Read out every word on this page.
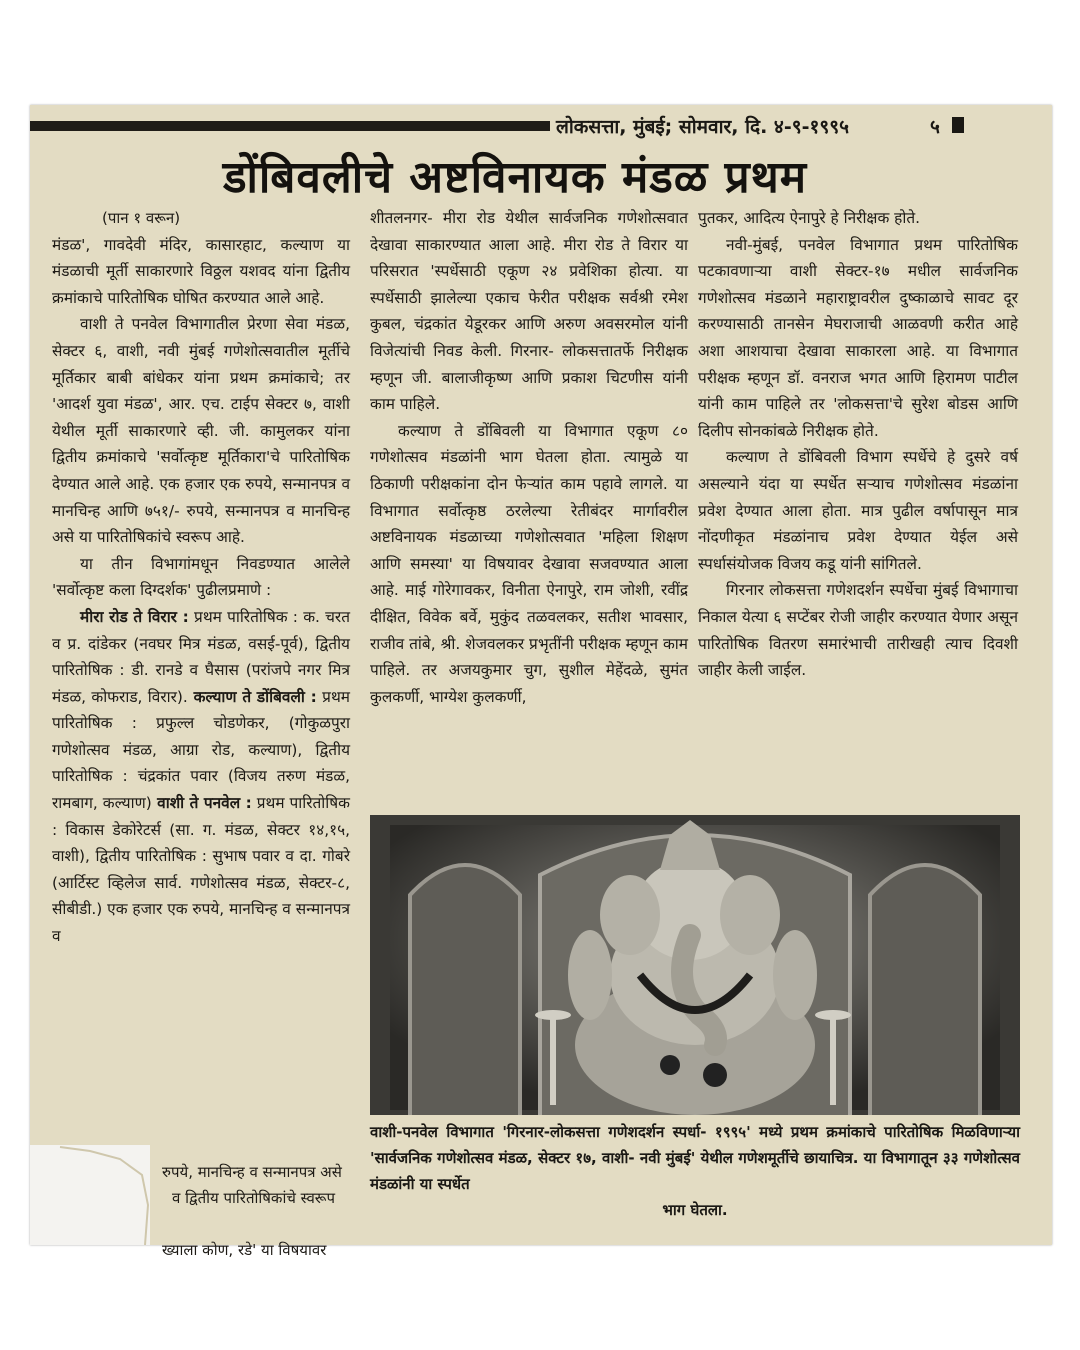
लोकसत्ता, मुंबई; सोमवार, दि. ४-९-१९९५	५
डोंबिवलीचे अष्टविनायक मंडळ प्रथम

(पान १ वरून)

मंडळ', गावदेवी मंदिर, कासारहाट, कल्याण या मंडळाची मूर्ती साकारणारे विठ्ठल यशवद यांना द्वितीय क्रमांकाचे पारितोषिक घोषित करण्यात आले आहे.

वाशी ते पनवेल विभागातील प्रेरणा सेवा मंडळ, सेक्टर ६, वाशी, नवी मुंबई गणेशोत्सवातील मूर्तीचे मूर्तिकार बाबी बांधेकर यांना प्रथम क्रमांकाचे; तर 'आदर्श युवा मंडळ', आर. एच. टाईप सेक्टर ७, वाशी येथील मूर्ती साकारणारे व्ही. जी. कामुलकर यांना द्वितीय क्रमांकाचे 'सर्वोत्कृष्ट मूर्तिकारा'चे पारितोषिक देण्यात आले आहे. एक हजार एक रुपये, सन्मानपत्र व मानचिन्ह आणि ७५१/- रुपये, सन्मानपत्र व मानचिन्ह असे या पारितोषिकांचे स्वरूप आहे.

या तीन विभागांमधून निवडण्यात आलेले 'सर्वोत्कृष्ट कला दिग्दर्शक' पुढीलप्रमाणे :

मीरा रोड ते विरार : प्रथम पारितोषिक : क. चरत व प्र. दांडेकर (नवघर मित्र मंडळ, वसई-पूर्व), द्वितीय पारितोषिक : डी. रानडे व घैसास (परांजपे नगर मित्र मंडळ, कोफराड, विरार). कल्याण ते डोंबिवली : प्रथम पारितोषिक : प्रफुल्ल चोडणेकर, (गोकुळपुरा गणेशोत्सव मंडळ, आग्रा रोड, कल्याण), द्वितीय पारितोषिक : चंद्रकांत पवार (विजय तरुण मंडळ, रामबाग, कल्याण) वाशी ते पनवेल : प्रथम पारितोषिक : विकास डेकोरेटर्स (सा. ग. मंडळ, सेक्टर १४,१५, वाशी), द्वितीय पारितोषिक : सुभाष पवार व दा. गोबरे (आर्टिस्ट व्हिलेज सार्व. गणेशोत्सव मंडळ, सेक्टर-८, सीबीडी.) एक हजार एक रुपये, मानचिन्ह व सन्मानपत्र व

रुपये, मानचिन्ह व सन्मानपत्र असे
व द्वितीय पारितोषिकांचे स्वरूप
ख्याला कोण, रडे' या विषयावर

शीतलनगर- मीरा रोड येथील सार्वजनिक गणेशोत्सवात देखावा साकारण्यात आला आहे. मीरा रोड ते विरार या परिसरात 'स्पर्धेसाठी एकूण २४ प्रवेशिका होत्या. या स्पर्धेसाठी झालेल्या एकाच फेरीत परीक्षक सर्वश्री रमेश कुबल, चंद्रकांत येडूरकर आणि अरुण अवसरमोल यांनी विजेत्यांची निवड केली. गिरनार- लोकसत्तातर्फे निरीक्षक म्हणून जी. बालाजीकृष्ण आणि प्रकाश चिटणीस यांनी काम पाहिले.

कल्याण ते डोंबिवली या विभागात एकूण ८० गणेशोत्सव मंडळांनी भाग घेतला होता. त्यामुळे या ठिकाणी परीक्षकांना दोन फेऱ्यांत काम पहावे लागले. या विभागात सर्वोत्कृष्ठ ठरलेल्या रेतीबंदर मार्गावरील अष्टविनायक मंडळाच्या गणेशोत्सवात 'महिला शिक्षण आणि समस्या' या विषयावर देखावा सजवण्यात आला आहे. माई गोरेगावकर, विनीता ऐनापुरे, राम जोशी, रवींद्र दीक्षित, विवेक बर्वे, मुकुंद तळवलकर, सतीश भावसार, राजीव तांबे, श्री. शेजवलकर प्रभृतींनी परीक्षक म्हणून काम पाहिले. तर अजयकुमार चुग, सुशील मेहेंदळे, सुमंत कुलकर्णी, भाग्येश कुलकर्णी,

पुतकर, आदित्य ऐनापुरे हे निरीक्षक होते.

नवी-मुंबई, पनवेल विभागात प्रथम पारितोषिक पटकावणाऱ्या वाशी सेक्टर-१७ मधील सार्वजनिक गणेशोत्सव मंडळाने महाराष्ट्रावरील दुष्काळाचे सावट दूर करण्यासाठी तानसेन मेघराजाची आळवणी करीत आहे अशा आशयाचा देखावा साकारला आहे. या विभागात परीक्षक म्हणून डॉ. वनराज भगत आणि हिरामण पाटील यांनी काम पाहिले तर 'लोकसत्ता'चे सुरेश बोडस आणि दिलीप सोनकांबळे निरीक्षक होते.

कल्याण ते डोंबिवली विभाग स्पर्धेचे हे दुसरे वर्ष असल्याने यंदा या स्पर्धेत सऱ्याच गणेशोत्सव मंडळांना प्रवेश देण्यात आला होता. मात्र पुढील वर्षापासून मात्र नोंदणीकृत मंडळांनाच प्रवेश देण्यात येईल असे स्पर्धासंयोजक विजय कडू यांनी सांगितले.

गिरनार लोकसत्ता गणेशदर्शन स्पर्धेचा मुंबई विभागाचा निकाल येत्या ६ सप्टेंबर रोजी जाहीर करण्यात येणार असून पारितोषिक वितरण समारंभाची तारीखही त्याच दिवशी जाहीर केली जाईल.

वाशी-पनवेल विभागात 'गिरनार-लोकसत्ता गणेशदर्शन स्पर्धा- १९९५' मध्ये प्रथम क्रमांकाचे पारितोषिक मिळविणाऱ्या 'सार्वजनिक गणेशोत्सव मंडळ, सेक्टर १७, वाशी- नवी मुंबई' येथील गणेशमूर्तीचे छायाचित्र. या विभागातून ३३ गणेशोत्सव मंडळांनी या स्पर्धेत
भाग घेतला.
